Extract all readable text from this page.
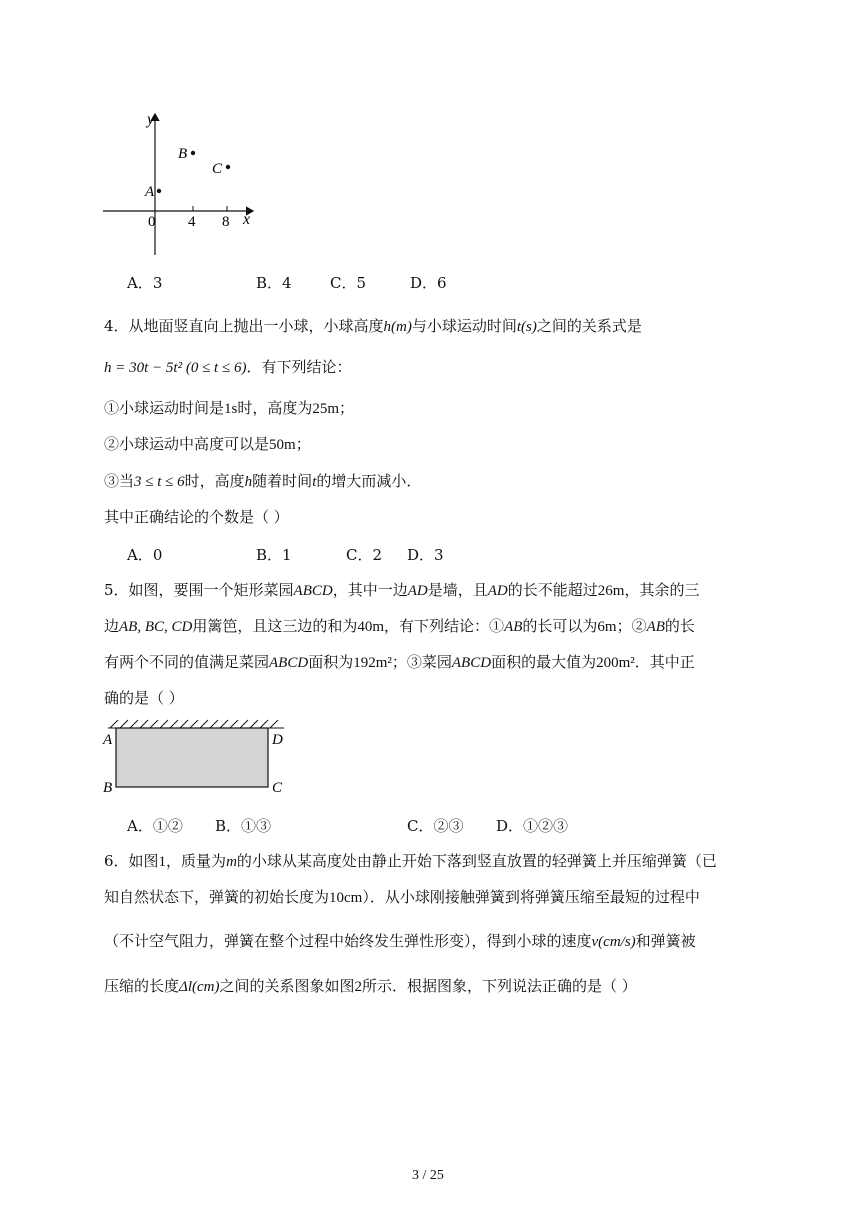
y
x
0 4 8
A
B
C
A．3	B．4	C．5	D．6
4．从地面竖直向上抛出一小球，小球高度h(m)与小球运动时间t(s)之间的关系式是
h = 30t − 5t² (0 ≤ t ≤ 6)．有下列结论：
①小球运动时间是1s时，高度为25m；
②小球运动中高度可以是50m；
③当3 ≤ t ≤ 6时，高度h随着时间t的增大而减小．
其中正确结论的个数是（ ）
A．0	B．1	C．2 D．3
5．如图，要围一个矩形菜园ABCD，其中一边AD是墙，且AD的长不能超过26m，其余的三
边AB, BC, CD用篱笆，且这三边的和为40m，有下列结论：①AB的长可以为6m；②AB的长
有两个不同的值满足菜园ABCD面积为192m²；③菜园ABCD面积的最大值为200m²．其中正
确的是（ ）
A	D
B	C
A．①② B．①③	C．②③ D．①②③
6．如图1，质量为m的小球从某高度处由静止开始下落到竖直放置的轻弹簧上并压缩弹簧（已
知自然状态下，弹簧的初始长度为10cm）．从小球刚接触弹簧到将弹簧压缩至最短的过程中
（不计空气阻力，弹簧在整个过程中始终发生弹性形变），得到小球的速度v(cm/s)和弹簧被
压缩的长度Δl(cm)之间的关系图象如图2所示．根据图象，下列说法正确的是（ ）
3 / 25
